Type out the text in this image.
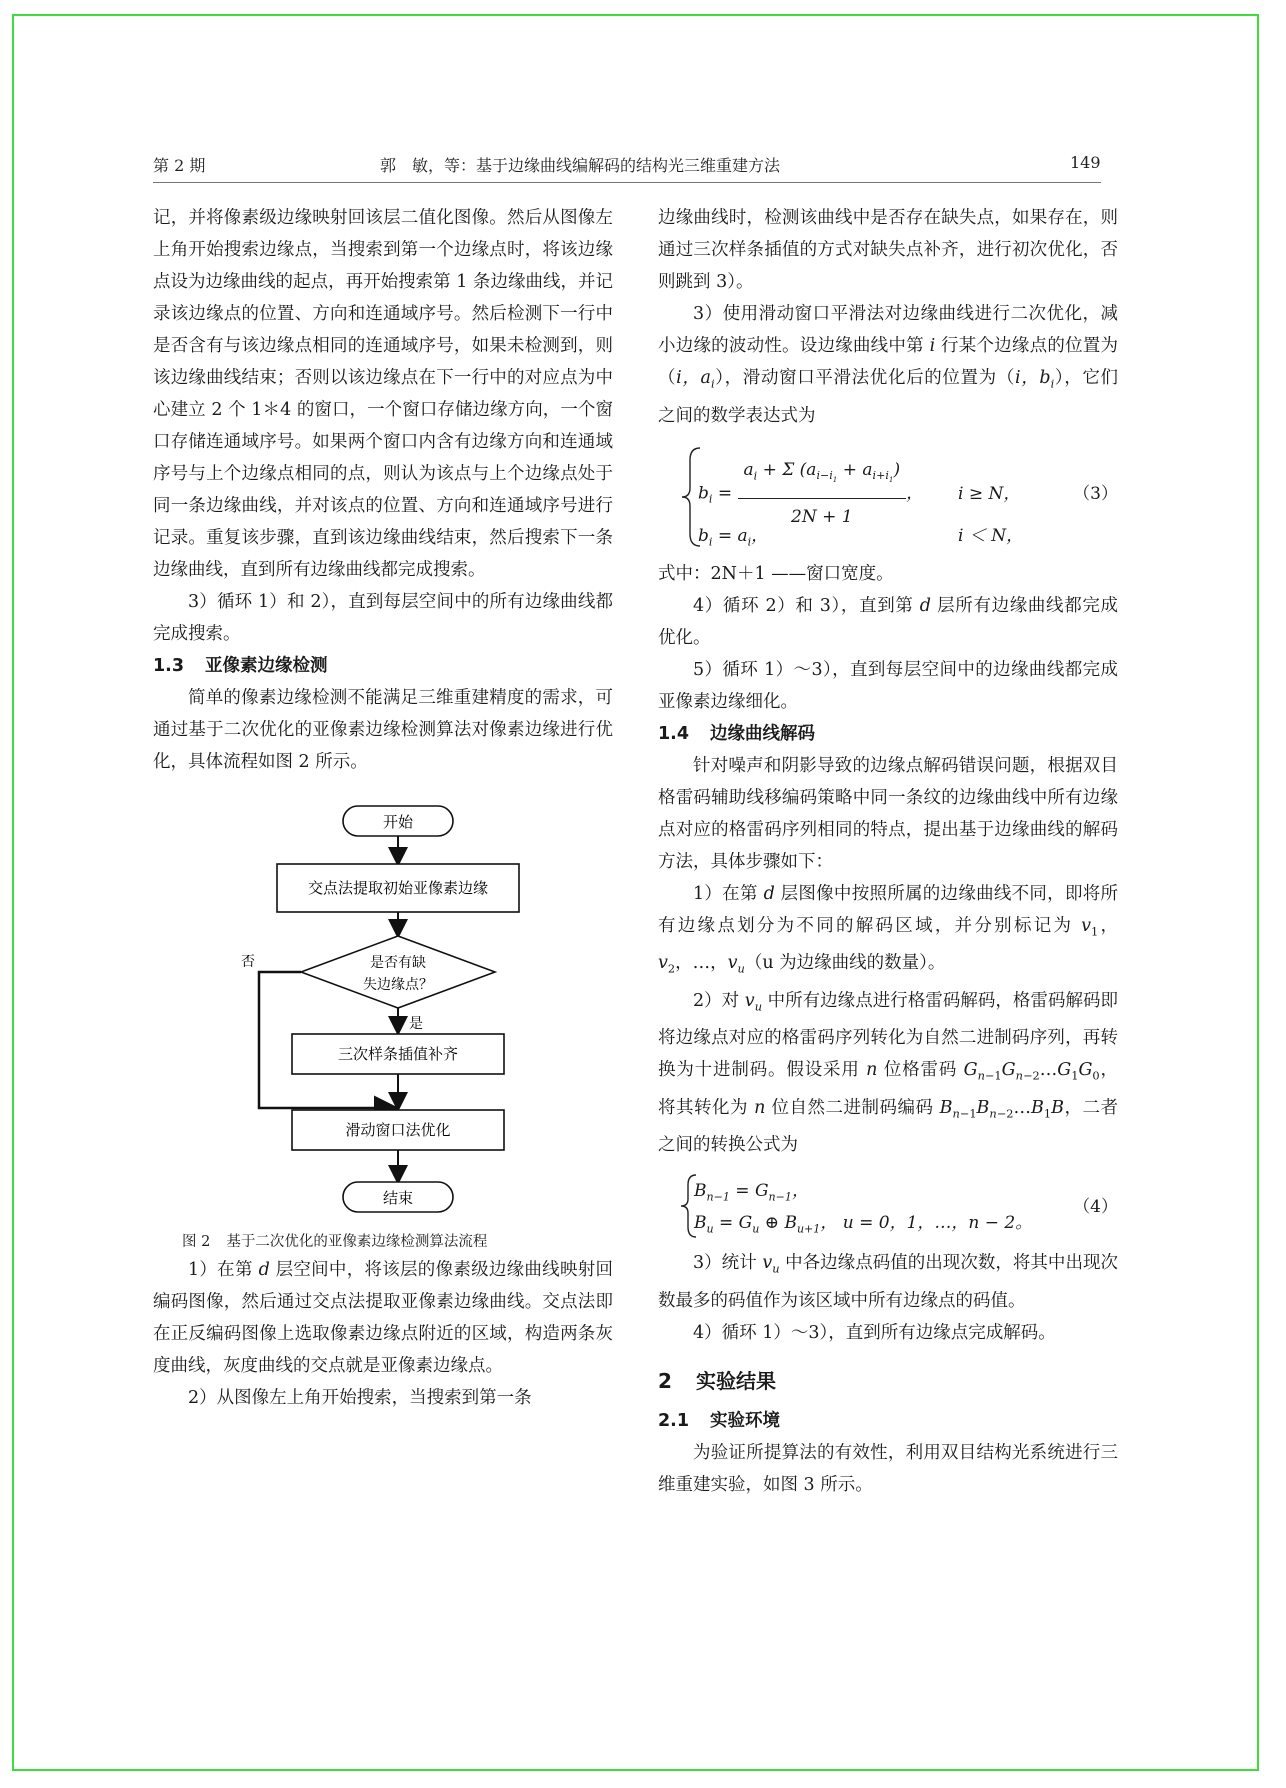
第 2 期	郭　敏，等：基于边缘曲线编解码的结构光三维重建方法	149

记，并将像素级边缘映射回该层二值化图像。然后从图像左上角开始搜索边缘点，当搜索到第一个边缘点时，将该边缘点设为边缘曲线的起点，再开始搜索第 1 条边缘曲线，并记录该边缘点的位置、方向和连通域序号。然后检测下一行中是否含有与该边缘点相同的连通域序号，如果未检测到，则该边缘曲线结束；否则以该边缘点在下一行中的对应点为中心建立 2 个 1＊4 的窗口，一个窗口存储边缘方向，一个窗口存储连通域序号。如果两个窗口内含有边缘方向和连通域序号与上个边缘点相同的点，则认为该点与上个边缘点处于同一条边缘曲线，并对该点的位置、方向和连通域序号进行记录。重复该步骤，直到该边缘曲线结束，然后搜索下一条边缘曲线，直到所有边缘曲线都完成搜索。

3）循环 1）和 2），直到每层空间中的所有边缘曲线都完成搜索。

1.3 亚像素边缘检测

简单的像素边缘检测不能满足三维重建精度的需求，可通过基于二次优化的亚像素边缘检测算法对像素边缘进行优化，具体流程如图 2 所示。

开始
交点法提取初始亚像素边缘
是否有缺
失边缘点？
否
是
三次样条插值补齐
滑动窗口法优化
结束

图 2 基于二次优化的亚像素边缘检测算法流程

1）在第 d 层空间中，将该层的像素级边缘曲线映射回编码图像，然后通过交点法提取亚像素边缘曲线。交点法即在正反编码图像上选取像素边缘点附近的区域，构造两条灰度曲线，灰度曲线的交点就是亚像素边缘点。

2）从图像左上角开始搜索，当搜索到第一条

边缘曲线时，检测该曲线中是否存在缺失点，如果存在，则通过三次样条插值的方式对缺失点补齐，进行初次优化，否则跳到 3）。

3）使用滑动窗口平滑法对边缘曲线进行二次优化，减小边缘的波动性。设边缘曲线中第 i 行某个边缘点的位置为（i，$a_i$），滑动窗口平滑法优化后的位置为（i，$b_i$），它们之间的数学表达式为

$b_i = \frac{a_i + \Sigma (a_{i-i_1} + a_{i+i_1})}{2N + 1}$ ， i ≥ N，
$b_i = a_i$，	i ＜ N，
（3）

式中：2N＋1 ——窗口宽度。

4）循环 2）和 3），直到第 d 层所有边缘曲线都完成优化。

5）循环 1）～3），直到每层空间中的边缘曲线都完成亚像素边缘细化。

1.4 边缘曲线解码

针对噪声和阴影导致的边缘点解码错误问题，根据双目格雷码辅助线移编码策略中同一条纹的边缘曲线中所有边缘点对应的格雷码序列相同的特点，提出基于边缘曲线的解码方法，具体步骤如下：

1）在第 d 层图像中按照所属的边缘曲线不同，即将所有边缘点划分为不同的解码区域，并分别标记为 $v_1$，$v_2$，…，$v_u(u$ 为边缘曲线的数量）。

2）对 $v_u$ 中所有边缘点进行格雷码解码，格雷码解码即将边缘点对应的格雷码序列转化为自然二进制码序列，再转换为十进制码。假设采用 n 位格雷码 $G_{n-1}G_{n-2}\dots G_1G_0$，将其转化为 n 位自然二进制码编码 $B_{n-1}B_{n-2}\dots B_1B$，二者之间的转换公式为

$B_{n-1} = G_{n-1}$，
$B_u = G_u$ ⊕ $B_{u+1}$， u = 0，1，…，n − 2。
（4）

3）统计 $v_u$ 中各边缘点码值的出现次数，将其中出现次数最多的码值作为该区域中所有边缘点的码值。

4）循环 1）～3），直到所有边缘点完成解码。

2 实验结果
2.1 实验环境

为验证所提算法的有效性，利用双目结构光系统进行三维重建实验，如图 3 所示。
